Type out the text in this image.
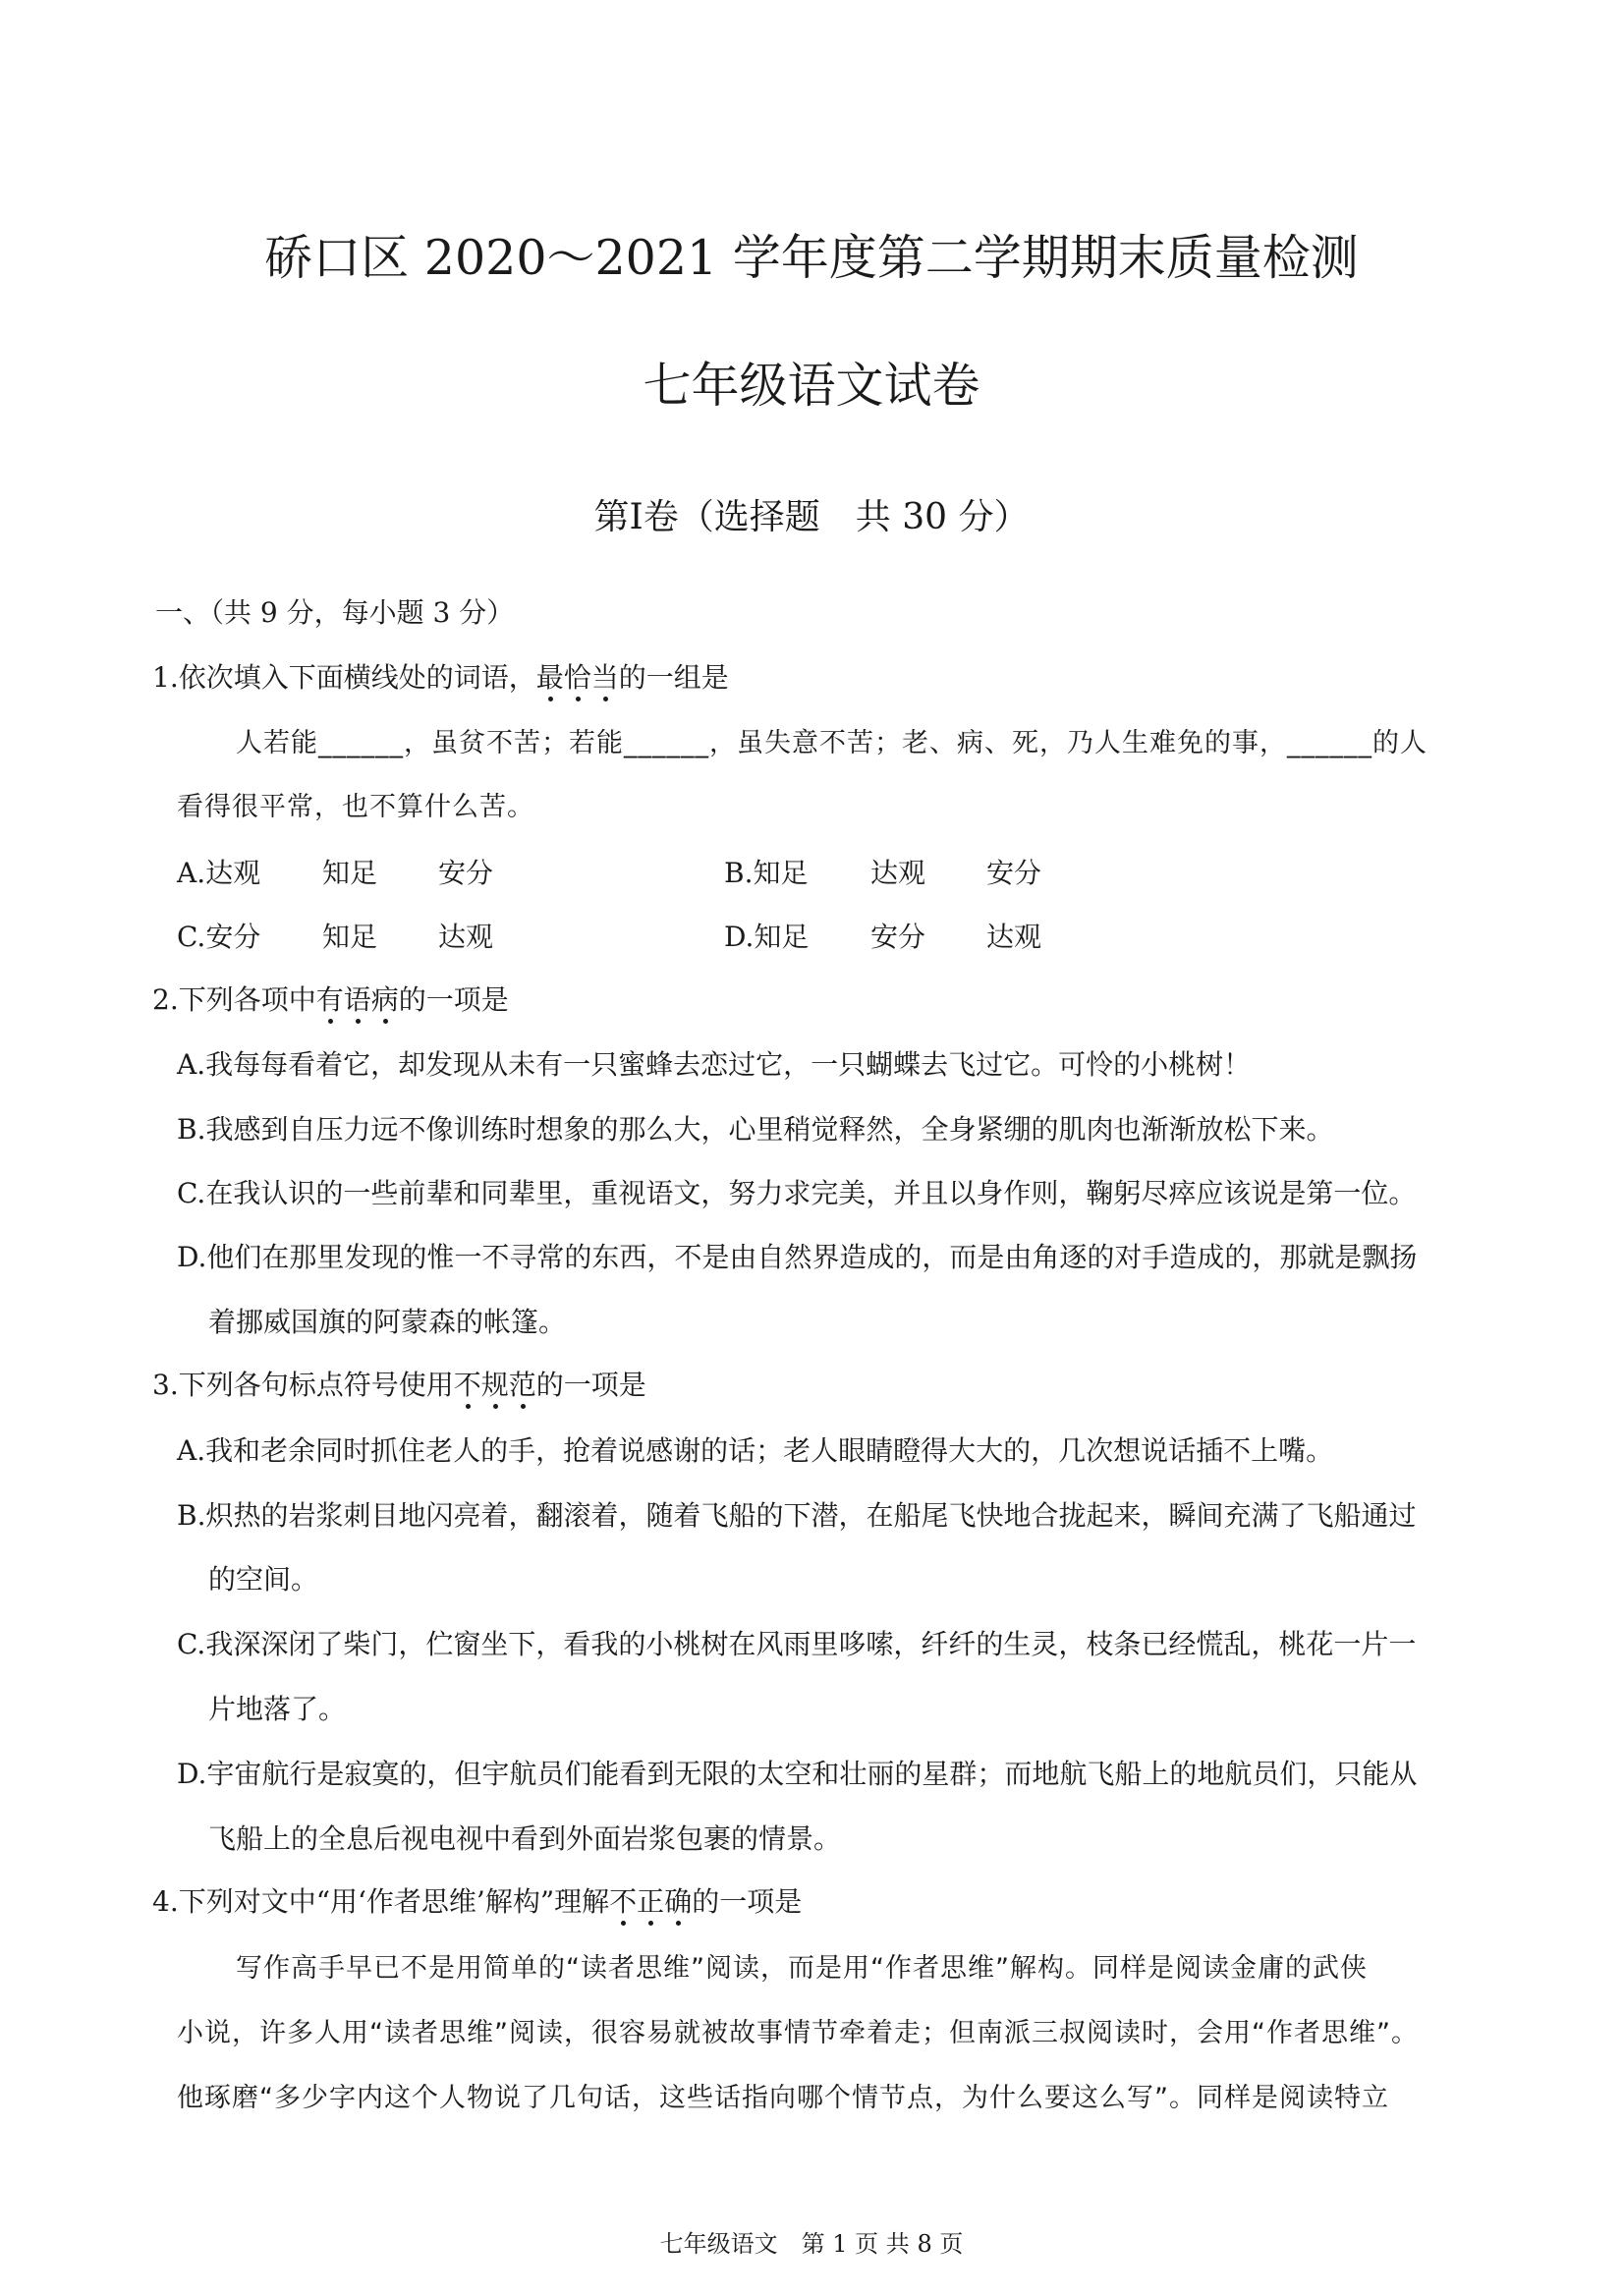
硚口区 2020～2021 学年度第二学期期末质量检测
七年级语文试卷
第Ⅰ卷（选择题　共 30 分）
一、（共 9 分，每小题 3 分）
1.依次填入下面横线处的词语，最恰当的一组是
人若能______，虽贫不苦；若能______，虽失意不苦；老、病、死，乃人生难免的事，______的人
看得很平常，也不算什么苦。
A.达观 知足 安分	B.知足 达观 安分
C.安分 知足 达观	D.知足 安分 达观
2.下列各项中有语病的一项是
A.我每每看着它，却发现从未有一只蜜蜂去恋过它，一只蝴蝶去飞过它。可怜的小桃树！
B.我感到自压力远不像训练时想象的那么大，心里稍觉释然，全身紧绷的肌肉也渐渐放松下来。
C.在我认识的一些前辈和同辈里，重视语文，努力求完美，并且以身作则，鞠躬尽瘁应该说是第一位。
D.他们在那里发现的惟一不寻常的东西，不是由自然界造成的，而是由角逐的对手造成的，那就是飘扬
着挪威国旗的阿蒙森的帐篷。
3.下列各句标点符号使用不规范的一项是
A.我和老余同时抓住老人的手，抢着说感谢的话；老人眼睛瞪得大大的，几次想说话插不上嘴。
B.炽热的岩浆刺目地闪亮着，翻滚着，随着飞船的下潜，在船尾飞快地合拢起来，瞬间充满了飞船通过
的空间。
C.我深深闭了柴门，伫窗坐下，看我的小桃树在风雨里哆嗦，纤纤的生灵，枝条已经慌乱，桃花一片一
片地落了。
D.宇宙航行是寂寞的，但宇航员们能看到无限的太空和壮丽的星群；而地航飞船上的地航员们，只能从
飞船上的全息后视电视中看到外面岩浆包裹的情景。
4.下列对文中“用‘作者思维’解构”理解不正确的一项是
写作高手早已不是用简单的“读者思维”阅读，而是用“作者思维”解构。同样是阅读金庸的武侠
小说，许多人用“读者思维”阅读，很容易就被故事情节牵着走；但南派三叔阅读时，会用“作者思维”。
他琢磨“多少字内这个人物说了几句话，这些话指向哪个情节点，为什么要这么写”。同样是阅读特立
七年级语文　第 1 页 共 8 页
